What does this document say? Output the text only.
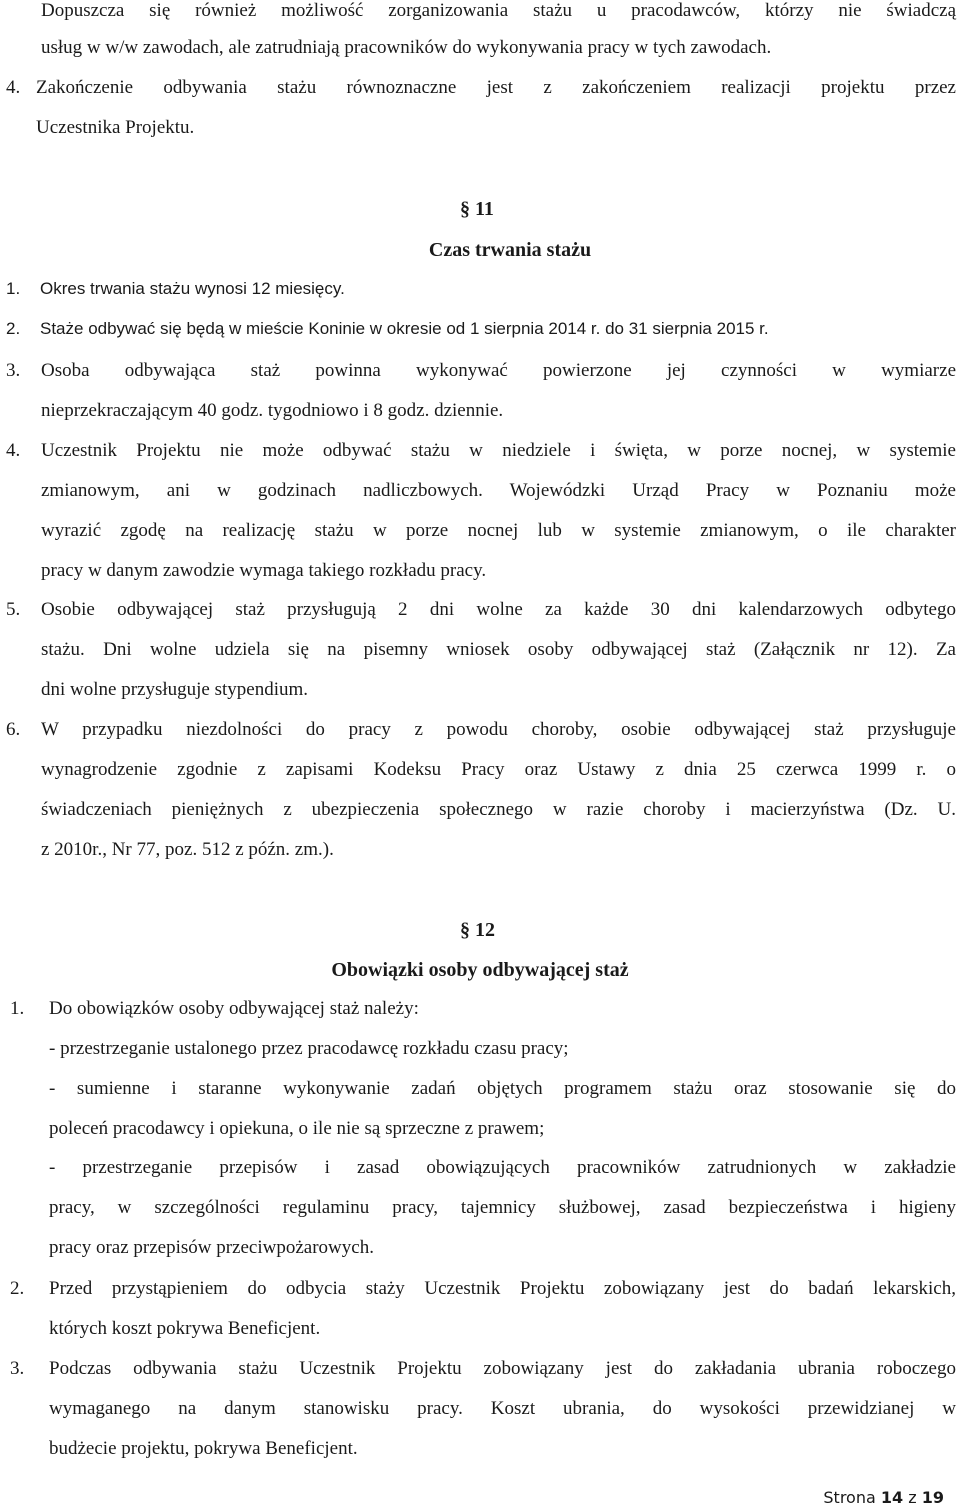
Dopuszcza się również możliwość zorganizowania stażu u pracodawców, którzy nie świadczą
usług w w/w zawodach, ale zatrudniają pracowników do wykonywania pracy w tych zawodach.
4. Zakończenie odbywania stażu równoznaczne jest z zakończeniem realizacji projektu przez
Uczestnika Projektu.
§ 11
Czas trwania stażu
1. Okres trwania stażu wynosi 12 miesięcy.
2. Staże odbywać się będą w mieście Koninie w okresie od 1 sierpnia 2014 r. do 31 sierpnia 2015 r.
3. Osoba odbywająca staż powinna wykonywać powierzone jej czynności w wymiarze
nieprzekraczającym 40 godz. tygodniowo i 8 godz. dziennie.
4. Uczestnik Projektu nie może odbywać stażu w niedziele i święta, w porze nocnej, w systemie
zmianowym, ani w godzinach nadliczbowych. Wojewódzki Urząd Pracy w Poznaniu może
wyrazić zgodę na realizację stażu w porze nocnej lub w systemie zmianowym, o ile charakter
pracy w danym zawodzie wymaga takiego rozkładu pracy.
5. Osobie odbywającej staż przysługują 2 dni wolne za każde 30 dni kalendarzowych odbytego
stażu. Dni wolne udziela się na pisemny wniosek osoby odbywającej staż (Załącznik nr 12). Za
dni wolne przysługuje stypendium.
6. W przypadku niezdolności do pracy z powodu choroby, osobie odbywającej staż przysługuje
wynagrodzenie zgodnie z zapisami Kodeksu Pracy oraz Ustawy z dnia 25 czerwca 1999 r. o
świadczeniach pieniężnych z ubezpieczenia społecznego w razie choroby i macierzyństwa (Dz. U.
z 2010r., Nr 77, poz. 512 z późn. zm.).
§ 12
Obowiązki osoby odbywającej staż
1. Do obowiązków osoby odbywającej staż należy:
- przestrzeganie ustalonego przez pracodawcę rozkładu czasu pracy;
- sumienne i staranne wykonywanie zadań objętych programem stażu oraz stosowanie się do
poleceń pracodawcy i opiekuna, o ile nie są sprzeczne z prawem;
- przestrzeganie przepisów i zasad obowiązujących pracowników zatrudnionych w zakładzie
pracy, w szczególności regulaminu pracy, tajemnicy służbowej, zasad bezpieczeństwa i higieny
pracy oraz przepisów przeciwpożarowych.
2. Przed przystąpieniem do odbycia staży Uczestnik Projektu zobowiązany jest do badań lekarskich,
których koszt pokrywa Beneficjent.
3. Podczas odbywania stażu Uczestnik Projektu zobowiązany jest do zakładania ubrania roboczego
wymaganego na danym stanowisku pracy. Koszt ubrania, do wysokości przewidzianej w
budżecie projektu, pokrywa Beneficjent.
Strona 14 z 19
